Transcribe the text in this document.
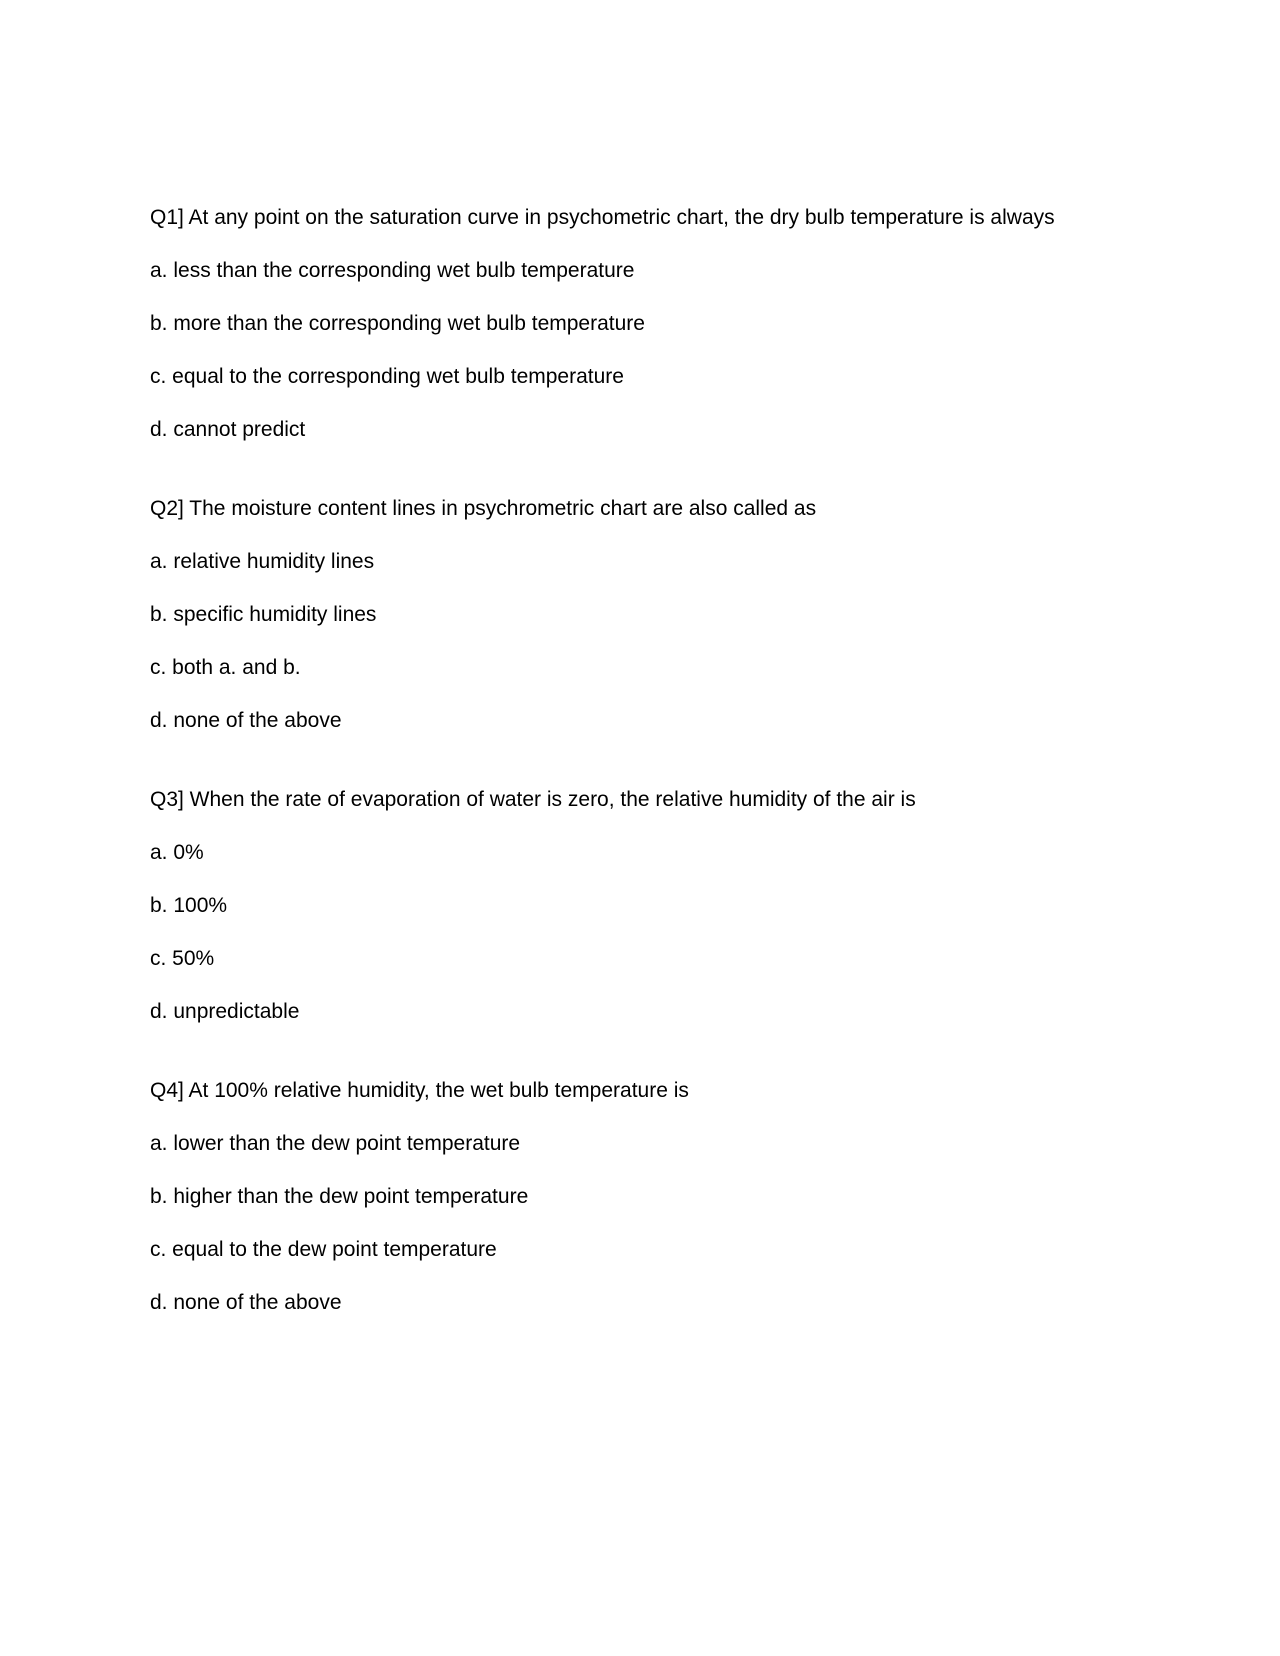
Q1] At any point on the saturation curve in psychometric chart, the dry bulb temperature is always

a. less than the corresponding wet bulb temperature

b. more than the corresponding wet bulb temperature

c. equal to the corresponding wet bulb temperature

d. cannot predict

Q2] The moisture content lines in psychrometric chart are also called as

a. relative humidity lines

b. specific humidity lines

c. both a. and b.

d. none of the above

Q3] When the rate of evaporation of water is zero, the relative humidity of the air is

a. 0%

b. 100%

c. 50%

d. unpredictable

Q4] At 100% relative humidity, the wet bulb temperature is

a. lower than the dew point temperature

b. higher than the dew point temperature

c. equal to the dew point temperature

d. none of the above
